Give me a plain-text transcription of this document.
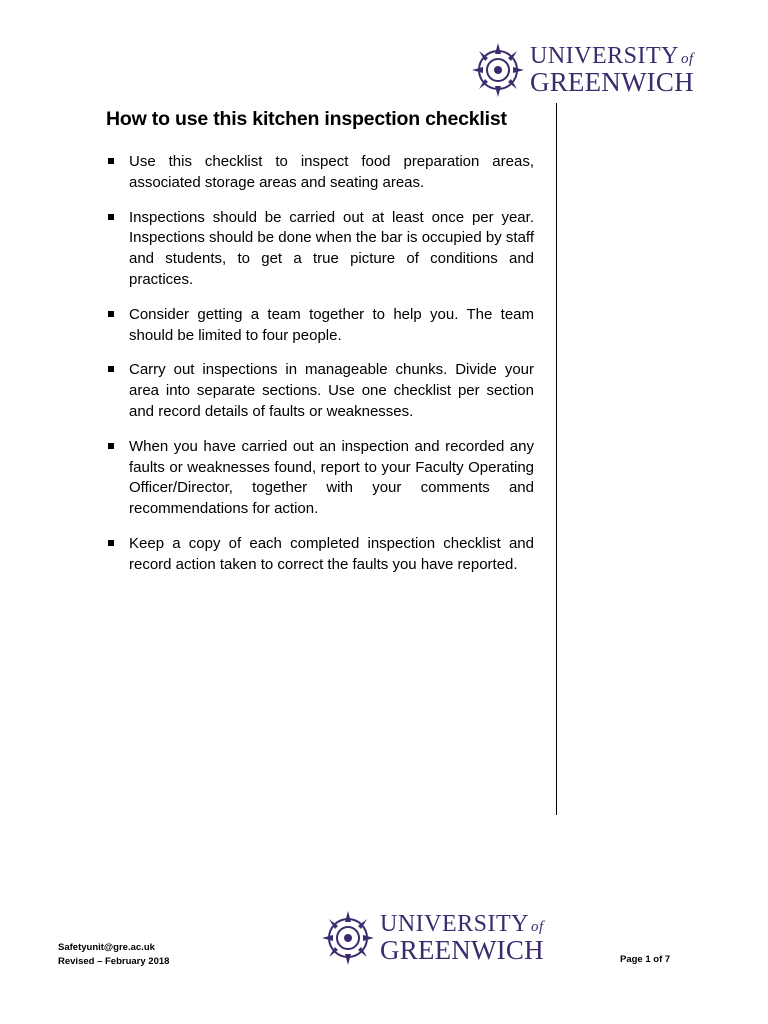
UNIVERSITY of
GREENWICH
How to use this kitchen inspection checklist
Use this checklist to inspect food preparation areas, associated storage areas and seating areas.
Inspections should be carried out at least once per year. Inspections should be done when the bar is occupied by staff and students, to get a true picture of conditions and practices.
Consider getting a team together to help you. The team should be limited to four people.
Carry out inspections in manageable chunks. Divide your area into separate sections. Use one checklist per section and record details of faults or weaknesses.
When you have carried out an inspection and recorded any faults or weaknesses found, report to your Faculty Operating Officer/Director, together with your comments and recommendations for action.
Keep a copy of each completed inspection checklist and record action taken to correct the faults you have reported.
Safetyunit@gre.ac.uk
Revised – February 2018
UNIVERSITY of
GREENWICH	Page 1 of 7
